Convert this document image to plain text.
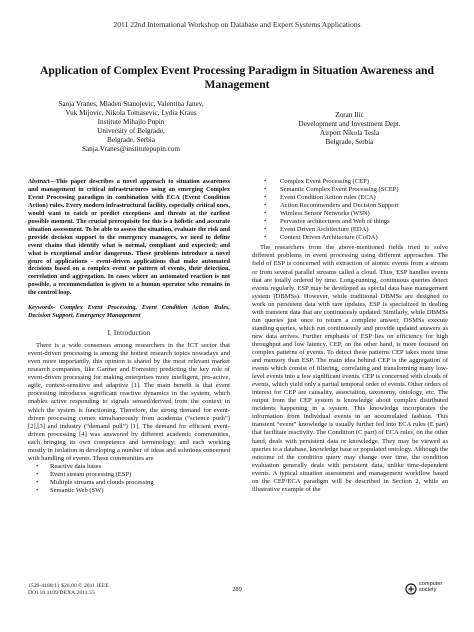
2011 22nd International Workshop on Database and Expert Systems Applications
Application of Complex Event Processing Paradigm in Situation Awareness and Management
Sanja Vranes, Mladen Stanojevic, Valentina Janev,
Vuk Mijovic, Nikola Tomasevic, Lydia Kraus
Institute Mihajlo Pupin
University of Belgrade,
Belgrade, Serbia
Sanja.Vranes@institutepupin.com
Zoran Ilic
Development and Investment Dept.
Airport Nikola Tesla
Belgrade, Serbia
Abstract—This paper describes a novel approach to situation awareness and management in critical infrastructures using an emerging Complex Event Processing paradigm in combination with ECA (Event Condition Action) rules. Every modern infrastructural facility, especially critical ones, would want to catch or predict exceptions and threats at the earliest possible moment. The crucial prerequisite for this is a holistic and accurate situation assessment. To be able to assess the situation, evaluate the risk and provide decision support to the emergency managers, we need to define event chains that identify what is normal, compliant and expected; and what is exceptional and/or dangerous. These problems introduce a novel genre of applications - event-driven applications that make automated decisions based on a complex event or pattern of events, their detection, correlation and aggregation. In cases where an automated reaction is not possible, a recommendation is given to a human operator who remains in the control loop.
Keywords- Complex Event Processing, Event Condition Action Rules, Decision Support, Emergency Management
I. Introduction

There is a wide consensus among researchers in the ICT sector that event-driven processing is among the hottest research topics nowadays and even more importantly, this opinion is shared by the most relevant market research companies, like Gartner and Forrester; predicting the key role of event-driven processing for making enterprises more intelligent, pro-active, agile, context-sensitive and adaptive [1]. The main benefit is that event processing introduces significant reactive dynamics in the system, which enables active responding to signals sensed/derived from the context in which the system is functioning. Therefore, the strong demand for event-driven processing comes simultaneously from academia (“science push”) [2],[3] and industry (“demand pull”) [1]. The demand for efficient event-driven processing [4] was answered by different academic communities, each bringing its own competence and terminology; and each working mostly in isolation in developing a number of ideas and solutions concerned with handling of events. These communities are

• Reactive data bases
• Event stream processing (ESP)
• Multiple streams and clouds processing
• Semantic Web (SW)
• Complex Event Processing (CEP)
• Semantic Complex Event Processing (SCEP)
• Event Condition Action rules (ECA)
• Action Recommenders and Decision Support
• Wireless Sensor Networks (WSN)
• Pervasive architectures and Web of things
• Event Driven Architecture (EDA)
• Context Driven Architecture (CoDA)

The researchers from the above-mentioned fields tried to solve different problems in event processing using different approaches. The field of ESP is concerned with extraction of atomic events from a stream or from several parallel streams called a cloud. Thus, ESP handles events that are totally ordered by time. Long-running, continuous queries detect events regularly. ESP may be developed as special data base management system (DBMSs). However, while traditional DBMSs are designed to work on persistent data with rare updates, ESP is specialized in dealing with transient data that are continuously updated. Similarly, while DBMSs run queries just once to return a complete answer, DSMSs execute standing queries, which run continuously and provide updated answers as new data arrives. Further emphasis of ESP lies on efficiency for high throughput and low latency. CEP, on the other hand, is more focused on complex patterns of events. To detect these patterns CEP takes more time and memory than ESP. The main idea behind CEP is the aggregation of events which consist of filtering, correlating and transforming many low-level events into a few significant events. CEP is concerned with clouds of events, which yield only a partial temporal order of events. Other orders of interest for CEP are causality, association, taxonomy, ontology, etc. The output from the CEP system is knowledge about complex distributed incidents happening in a system. This knowledge incorporates the information from individual events in an accumulated fashion. This transient “event” knowledge is usually further fed into ECA rules (E part) that facilitate reactivity. The Condition (C part) of ECA rules, on the other hand, deals with persistent data or knowledge. They may be viewed as queries to a database, knowledge base or populated ontology. Although the outcome of the condition query may change over time, the condition evaluation generally deals with persistent data, unlike time-dependent events. A typical situation assessment and management workflow based on the CEP/ECA paradigm will be described in Section 2, while an illustrative example of the

1529-4188/11 $26.00 © 2011 IEEE
DOI 10.1109/DEXA.2011.55	289
computer
society
